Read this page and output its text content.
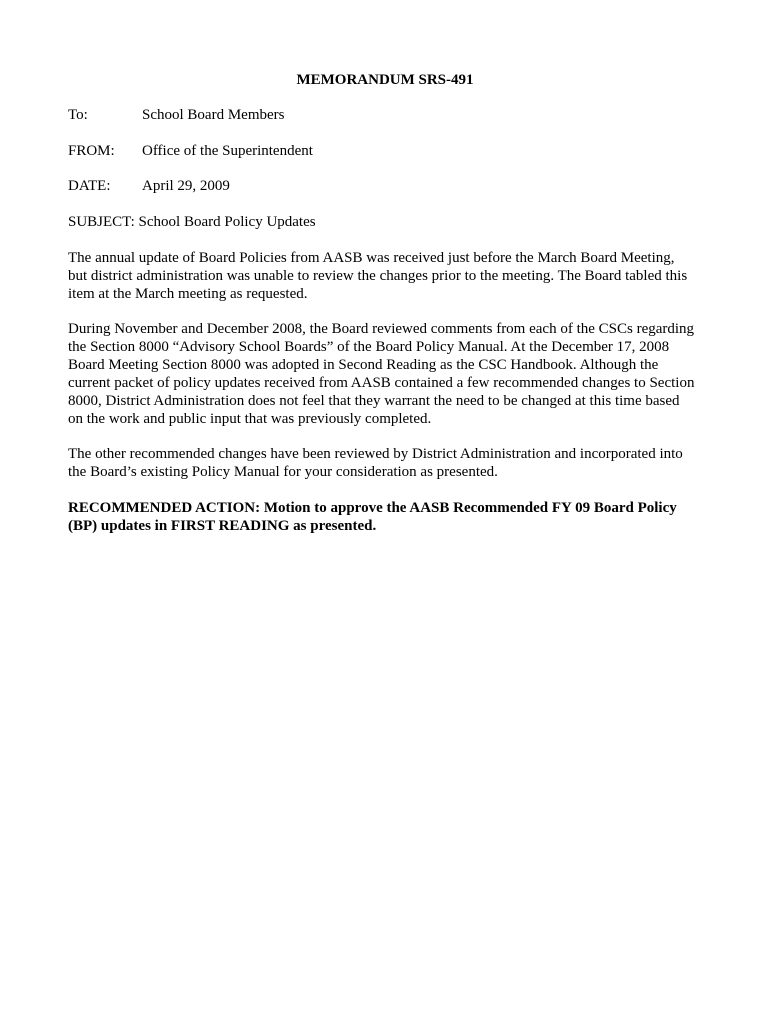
MEMORANDUM SRS-491
To:	School Board Members
FROM: Office of the Superintendent
DATE: April 29, 2009
SUBJECT: School Board Policy Updates

The annual update of Board Policies from AASB was received just before the March Board Meeting,
but district administration was unable to review the changes prior to the meeting. The Board tabled this
item at the March meeting as requested.

During November and December 2008, the Board reviewed comments from each of the CSCs regarding
the Section 8000 “Advisory School Boards” of the Board Policy Manual. At the December 17, 2008
Board Meeting Section 8000 was adopted in Second Reading as the CSC Handbook. Although the
current packet of policy updates received from AASB contained a few recommended changes to Section
8000, District Administration does not feel that they warrant the need to be changed at this time based
on the work and public input that was previously completed.

The other recommended changes have been reviewed by District Administration and incorporated into
the Board’s existing Policy Manual for your consideration as presented.

RECOMMENDED ACTION: Motion to approve the AASB Recommended FY 09 Board Policy
(BP) updates in FIRST READING as presented.
